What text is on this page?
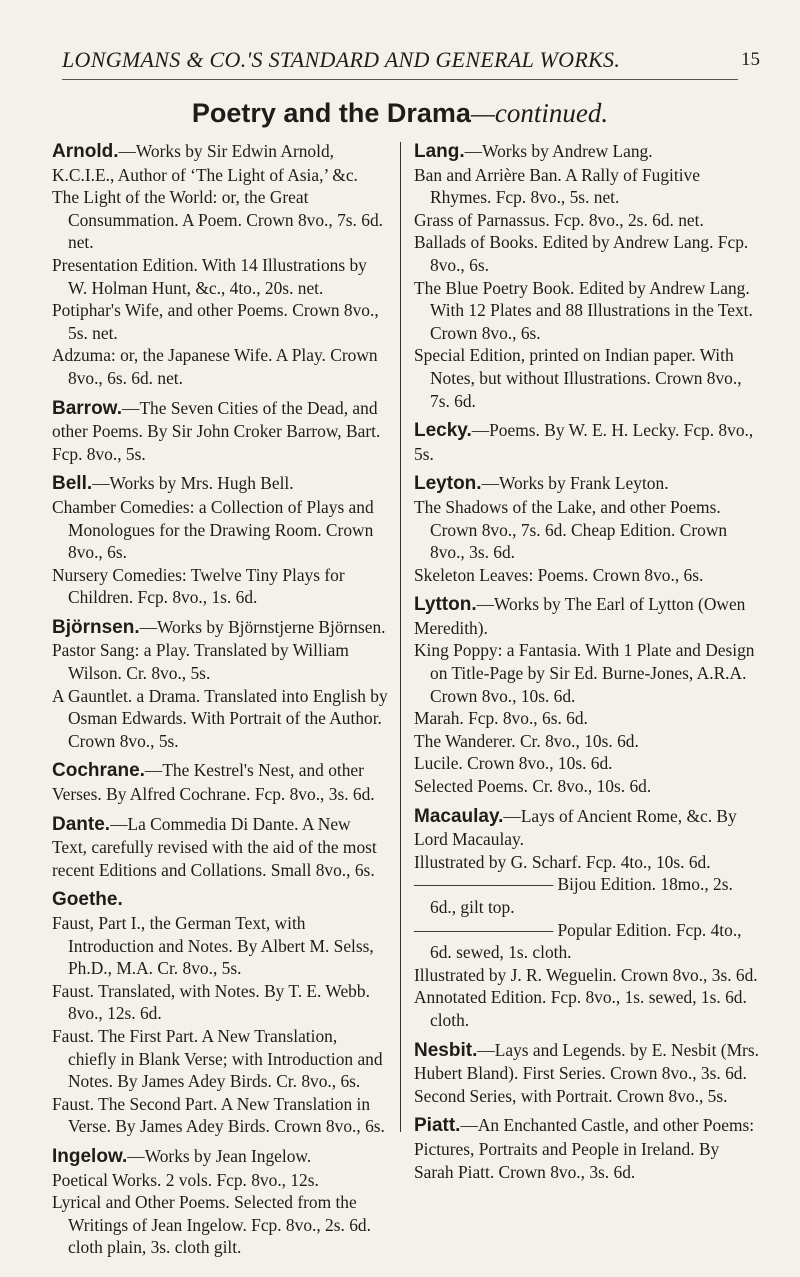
LONGMANS & CO.'S STANDARD AND GENERAL WORKS.	15
Poetry and the Drama—continued.
Arnold.—Works by Sir Edwin Arnold, K.C.I.E., Author of ‘The Light of Asia,’ &c.

The Light of the World: or, the Great Consummation. A Poem. Crown 8vo., 7s. 6d. net.

Presentation Edition. With 14 Illustrations by W. Holman Hunt, &c., 4to., 20s. net.

Potiphar's Wife, and other Poems. Crown 8vo., 5s. net.

Adzuma: or, the Japanese Wife. A Play. Crown 8vo., 6s. 6d. net.

Barrow.—The Seven Cities of the Dead, and other Poems. By Sir John Croker Barrow, Bart. Fcp. 8vo., 5s.
Bell.—Works by Mrs. Hugh Bell.

Chamber Comedies: a Collection of Plays and Monologues for the Drawing Room. Crown 8vo., 6s.

Nursery Comedies: Twelve Tiny Plays for Children. Fcp. 8vo., 1s. 6d.

Björnsen.—Works by Björnstjerne Björnsen.

Pastor Sang: a Play. Translated by William Wilson. Cr. 8vo., 5s.

A Gauntlet. a Drama. Translated into English by Osman Edwards. With Portrait of the Author. Crown 8vo., 5s.

Cochrane.—The Kestrel's Nest, and other Verses. By Alfred Cochrane. Fcp. 8vo., 3s. 6d.
Dante.—La Commedia Di Dante. A New Text, carefully revised with the aid of the most recent Editions and Collations. Small 8vo., 6s.
Goethe.

Faust, Part I., the German Text, with Introduction and Notes. By Albert M. Selss, Ph.D., M.A. Cr. 8vo., 5s.

Faust. Translated, with Notes. By T. E. Webb. 8vo., 12s. 6d.

Faust. The First Part. A New Translation, chiefly in Blank Verse; with Introduction and Notes. By James Adey Birds. Cr. 8vo., 6s.

Faust. The Second Part. A New Translation in Verse. By James Adey Birds. Crown 8vo., 6s.

Ingelow.—Works by Jean Ingelow.

Poetical Works. 2 vols. Fcp. 8vo., 12s.

Lyrical and Other Poems. Selected from the Writings of Jean Ingelow. Fcp. 8vo., 2s. 6d. cloth plain, 3s. cloth gilt.

Lang.—Works by Andrew Lang.

Ban and Arrière Ban. A Rally of Fugitive Rhymes. Fcp. 8vo., 5s. net.

Grass of Parnassus. Fcp. 8vo., 2s. 6d. net.

Ballads of Books. Edited by Andrew Lang. Fcp. 8vo., 6s.

The Blue Poetry Book. Edited by Andrew Lang. With 12 Plates and 88 Illustrations in the Text. Crown 8vo., 6s.

Special Edition, printed on Indian paper. With Notes, but without Illustrations. Crown 8vo., 7s. 6d.

Lecky.—Poems. By W. E. H. Lecky. Fcp. 8vo., 5s.
Leyton.—Works by Frank Leyton.

The Shadows of the Lake, and other Poems. Crown 8vo., 7s. 6d. Cheap Edition. Crown 8vo., 3s. 6d.

Skeleton Leaves: Poems. Crown 8vo., 6s.

Lytton.—Works by The Earl of Lytton (Owen Meredith).

King Poppy: a Fantasia. With 1 Plate and Design on Title-Page by Sir Ed. Burne-Jones, A.R.A. Crown 8vo., 10s. 6d.

Marah. Fcp. 8vo., 6s. 6d.

The Wanderer. Cr. 8vo., 10s. 6d.

Lucile. Crown 8vo., 10s. 6d.

Selected Poems. Cr. 8vo., 10s. 6d.

Macaulay.—Lays of Ancient Rome, &c. By Lord Macaulay.

Illustrated by G. Scharf. Fcp. 4to., 10s. 6d.

———————— Bijou Edition. 18mo., 2s. 6d., gilt top.

———————— Popular Edition. Fcp. 4to., 6d. sewed, 1s. cloth.

Illustrated by J. R. Weguelin. Crown 8vo., 3s. 6d.

Annotated Edition. Fcp. 8vo., 1s. sewed, 1s. 6d. cloth.

Nesbit.—Lays and Legends. by E. Nesbit (Mrs. Hubert Bland). First Series. Crown 8vo., 3s. 6d. Second Series, with Portrait. Crown 8vo., 5s.
Piatt.—An Enchanted Castle, and other Poems: Pictures, Portraits and People in Ireland. By Sarah Piatt. Crown 8vo., 3s. 6d.
